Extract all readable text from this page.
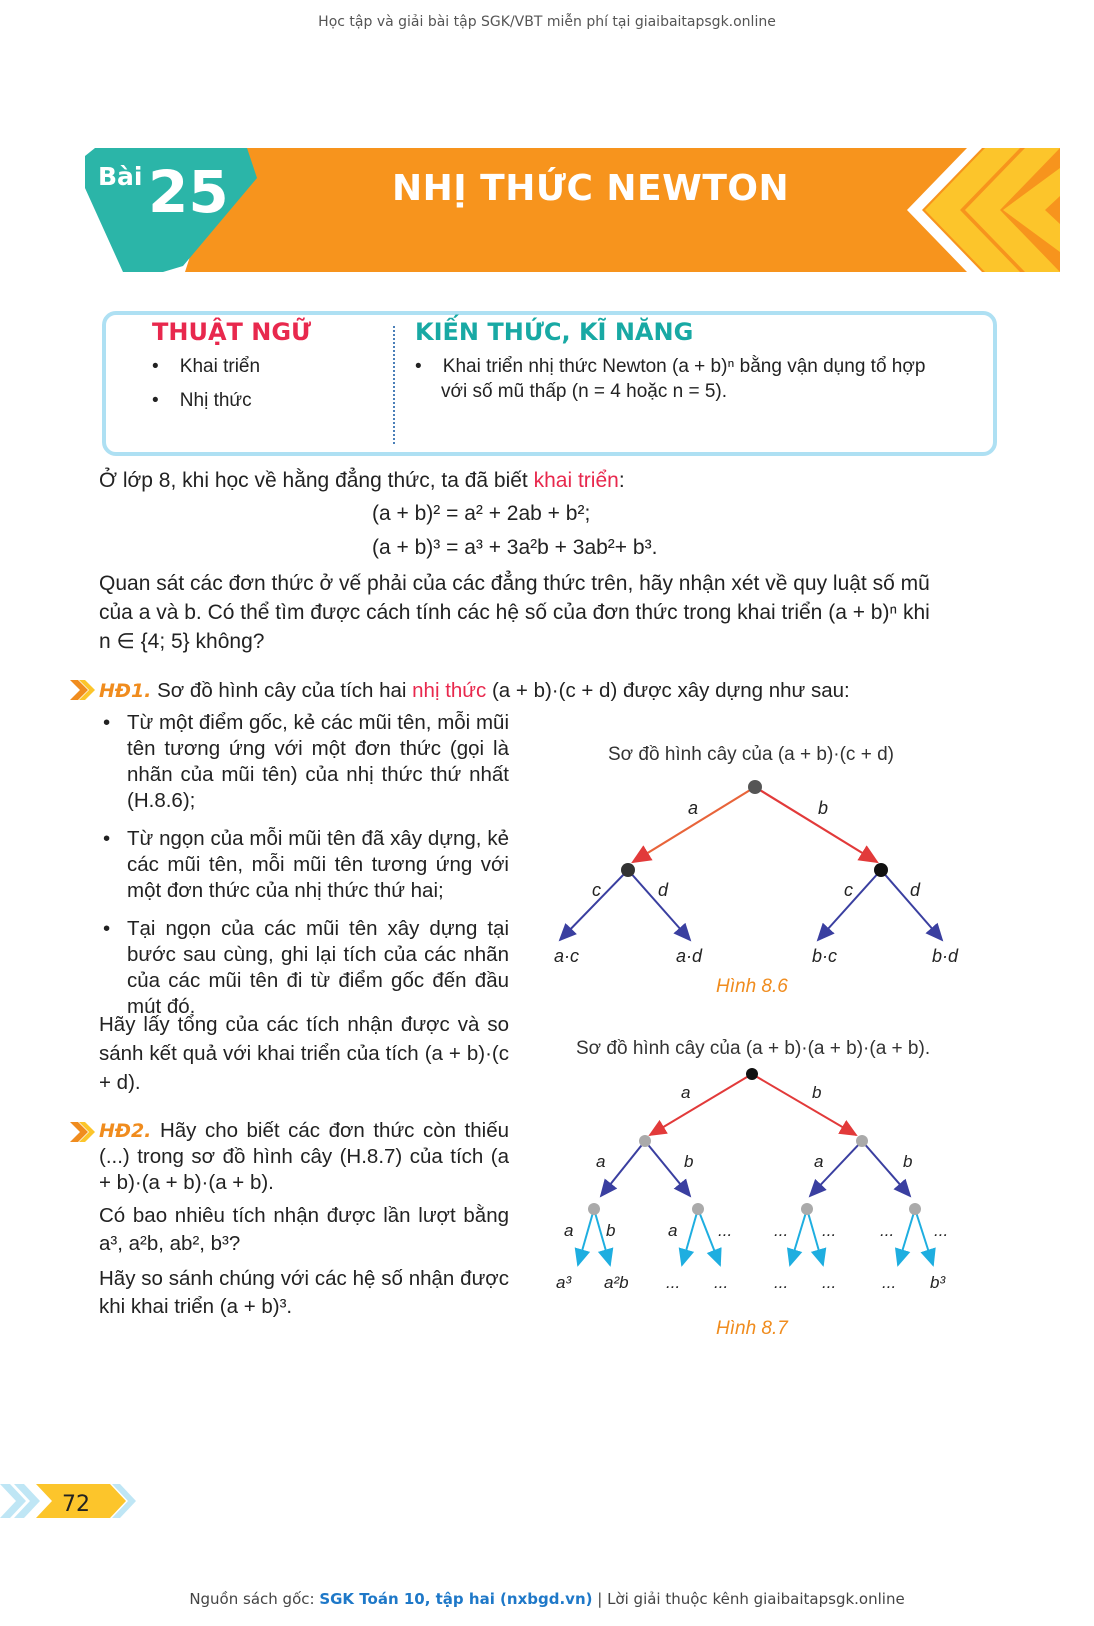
Học tập và giải bài tập SGK/VBT miễn phí tại giaibaitapsgk.online
Bài 25	NHỊ THỨC NEWTON
THUẬT NGỮ
•    Khai triển
•    Nhị thức
KIẾN THỨC, KĨ NĂNG
•    Khai triển nhị thức Newton (a + b)ⁿ bằng vận dụng tổ hợp
với số mũ thấp (n = 4 hoặc n = 5).
Ở lớp 8, khi học về hằng đẳng thức, ta đã biết khai triển:
(a + b)² = a² + 2ab + b²;
(a + b)³ = a³ + 3a²b + 3ab²+ b³.
Quan sát các đơn thức ở vế phải của các đẳng thức trên, hãy nhận xét về quy luật số mũ
của a và b. Có thể tìm được cách tính các hệ số của đơn thức trong khai triển (a + b)ⁿ khi
n ∈ {4; 5} không?
HĐ1. Sơ đồ hình cây của tích hai nhị thức (a + b)·(c + d) được xây dựng như sau:
• Từ một điểm gốc, kẻ các mũi tên, mỗi mũi tên tương ứng với một đơn thức (gọi là nhãn của mũi tên) của nhị thức thứ nhất (H.8.6);
• Từ ngọn của mỗi mũi tên đã xây dựng, kẻ các mũi tên, mỗi mũi tên tương ứng với một đơn thức của nhị thức thứ hai;
• Tại ngọn của các mũi tên xây dựng tại bước sau cùng, ghi lại tích của các nhãn của các mũi tên đi từ điểm gốc đến đầu mút đó.
Hãy lấy tổng của các tích nhận được và so sánh kết quả với khai triển của tích (a + b)·(c + d).
HĐ2. Hãy cho biết các đơn thức còn thiếu (...) trong sơ đồ hình cây (H.8.7) của tích (a + b)·(a + b)·(a + b).
Có bao nhiêu tích nhận được lần lượt bằng a³, a²b, ab², b³?
Hãy so sánh chúng với các hệ số nhận được khi khai triển (a + b)³.
Sơ đồ hình cây của (a + b)·(c + d)
a	b
c	d	c	d
a·c	a·d	b·c	b·d
Hình 8.6
Sơ đồ hình cây của (a + b)·(a + b)·(a + b).
a	b
a	b	a	b
a b	a ... ... ...	... ...
a³ a²b ... ...	... ...	... b³
Hình 8.7
72
Nguồn sách gốc: SGK Toán 10, tập hai (nxbgd.vn) | Lời giải thuộc kênh giaibaitapsgk.online
